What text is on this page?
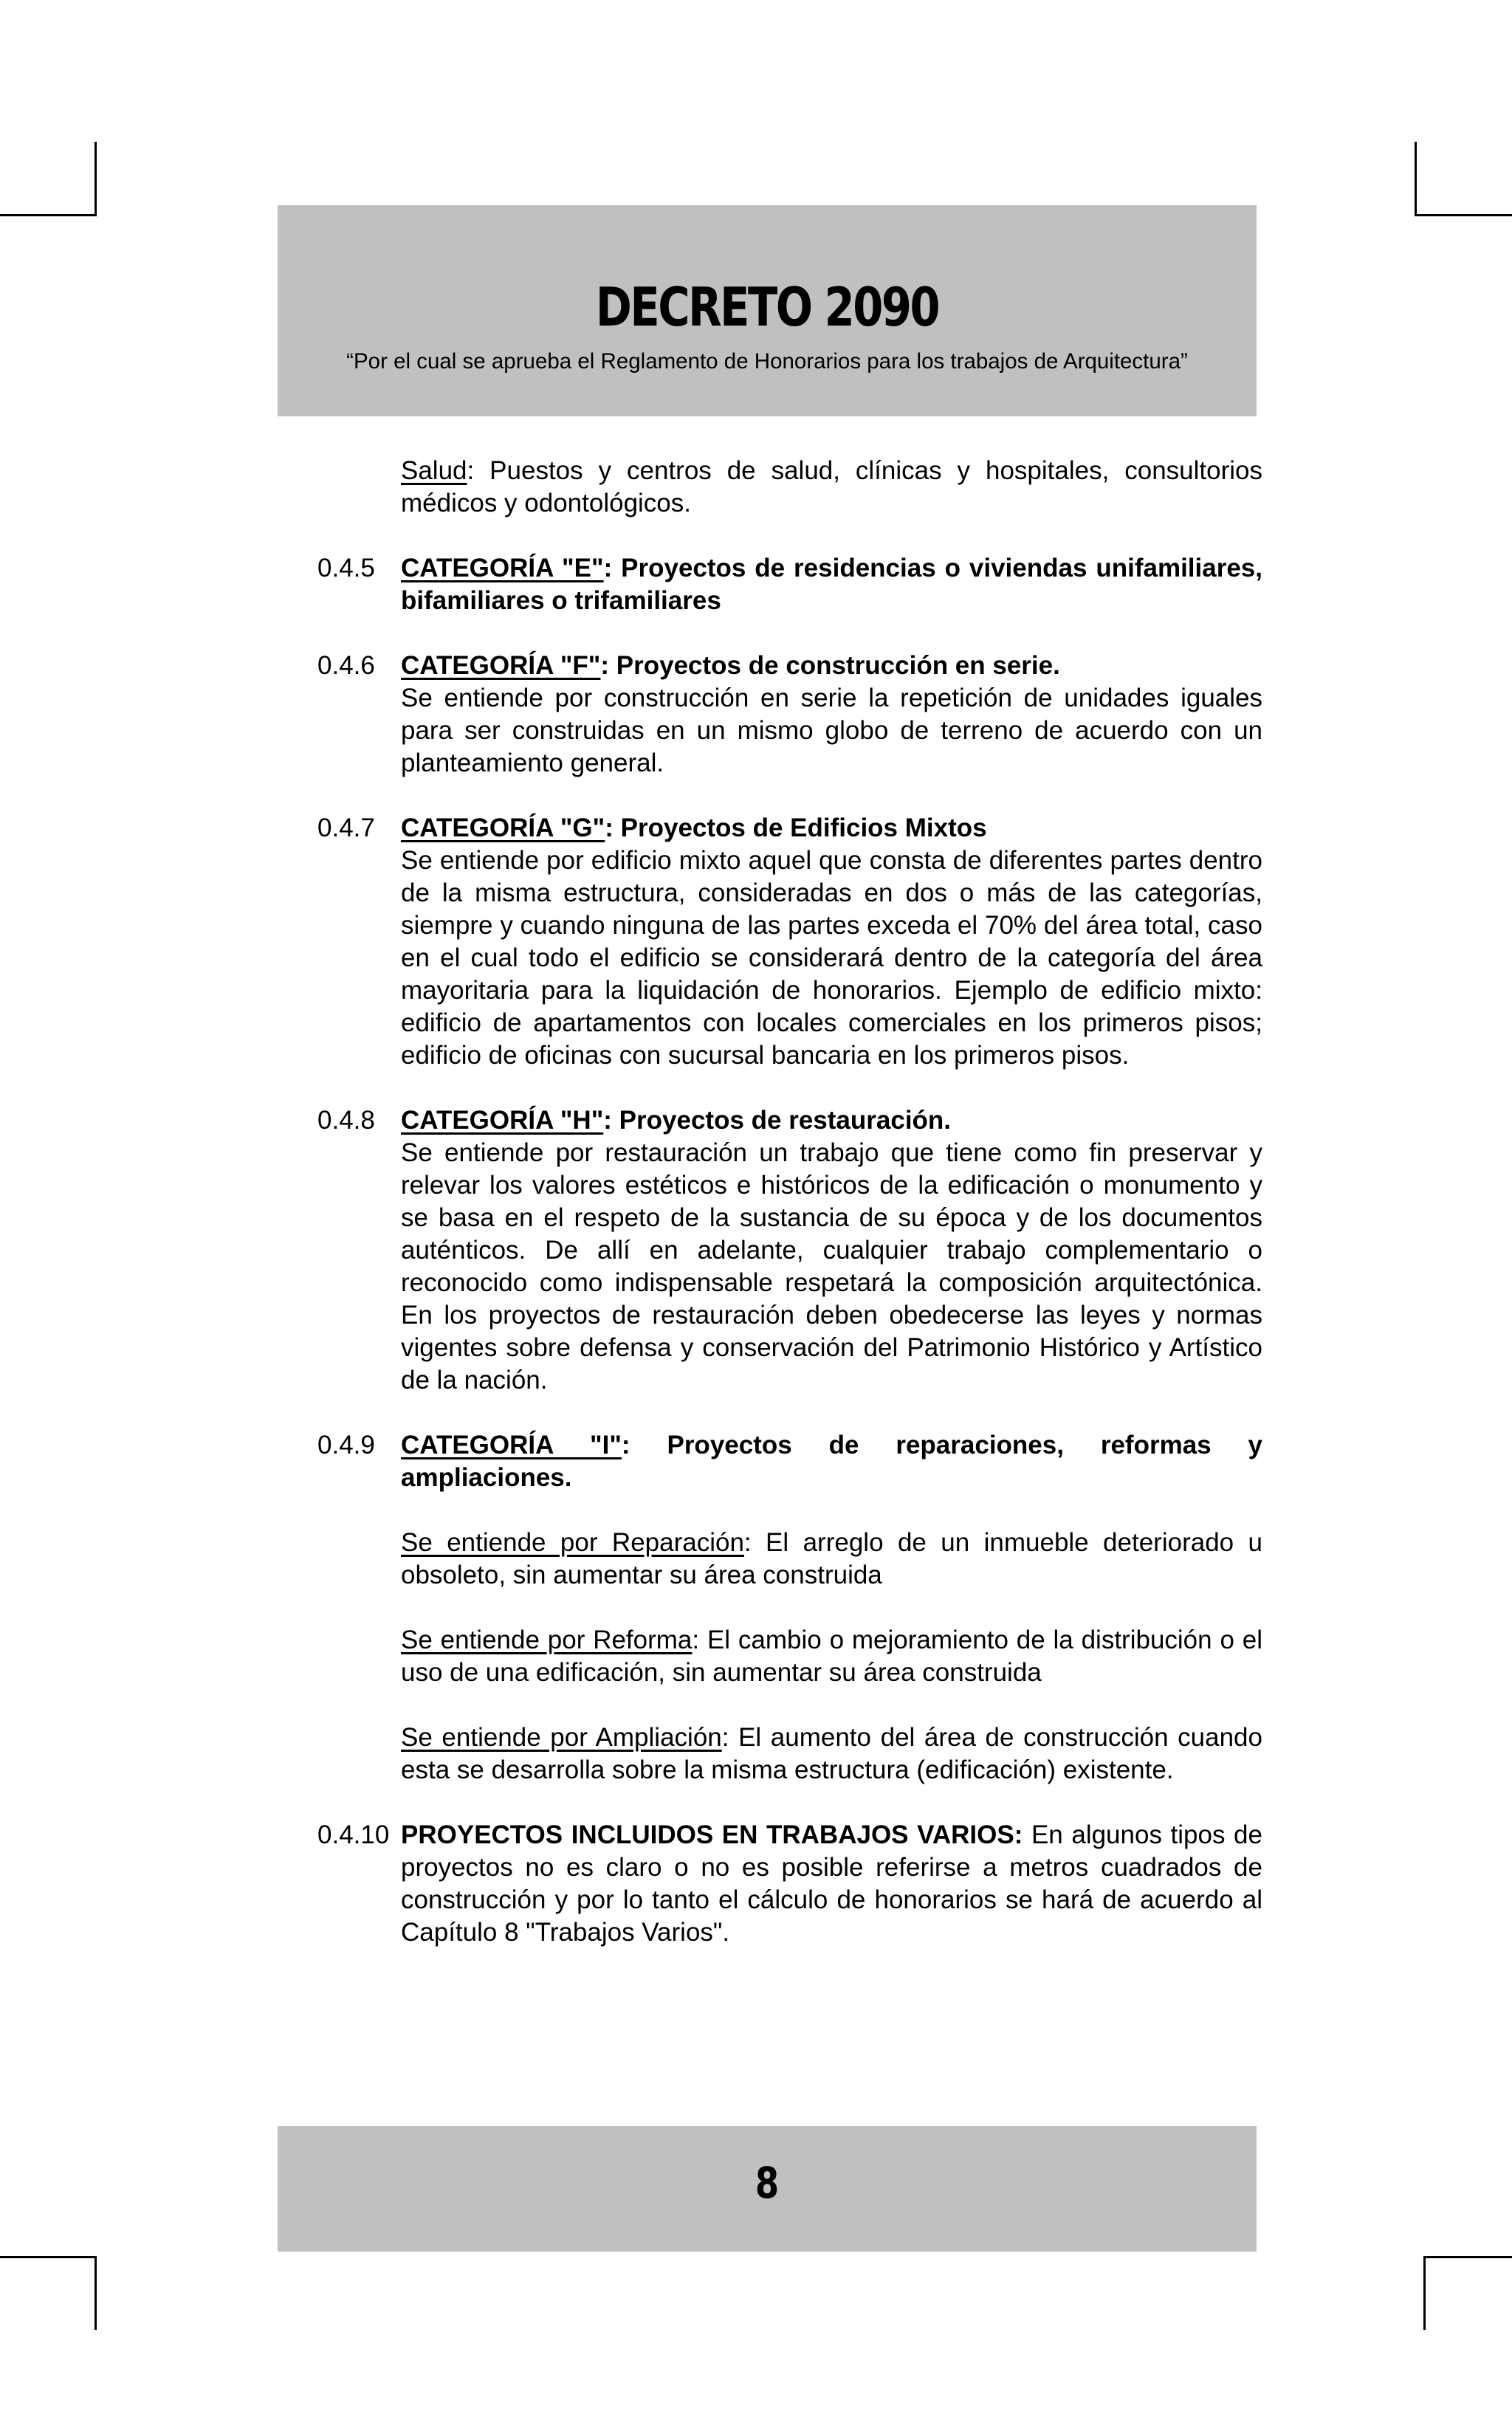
DECRETO 2090
“Por el cual se aprueba el Reglamento de Honorarios para los trabajos de Arquitectura”

Salud: Puestos y centros de salud, clínicas y hospitales, consultorios médicos y odontológicos.

0.4.5 CATEGORÍA "E": Proyectos de residencias o viviendas unifamiliares, bifamiliares o trifamiliares

0.4.6 CATEGORÍA "F": Proyectos de construcción en serie.

Se entiende por construcción en serie la repetición de unidades iguales para ser construidas en un mismo globo de terreno de acuerdo con un planteamiento general.

0.4.7 CATEGORÍA "G": Proyectos de Edificios Mixtos

Se entiende por edificio mixto aquel que consta de diferentes partes dentro de la misma estructura, consideradas en dos o más de las categorías, siempre y cuando ninguna de las partes exceda el 70% del área total, caso en el cual todo el edificio se considerará dentro de la categoría del área mayoritaria para la liquidación de honorarios. Ejemplo de edificio mixto: edificio de apartamentos con locales comerciales en los primeros pisos; edificio de oficinas con sucursal bancaria en los primeros pisos.

0.4.8 CATEGORÍA "H": Proyectos de restauración.

Se entiende por restauración un trabajo que tiene como fin preservar y relevar los valores estéticos e históricos de la edificación o monumento y se basa en el respeto de la sustancia de su época y de los documentos auténticos. De allí en adelante, cualquier trabajo complementario o reconocido como indispensable respetará la composición arquitectónica. En los proyectos de restauración deben obedecerse las leyes y normas vigentes sobre defensa y conservación del Patrimonio Histórico y Artístico de la nación.

0.4.9 CATEGORÍA "I": Proyectos de reparaciones, reformas y ampliaciones.

Se entiende por Reparación: El arreglo de un inmueble deteriorado u obsoleto, sin aumentar su área construida

Se entiende por Reforma: El cambio o mejoramiento de la distribución o el uso de una edificación, sin aumentar su área construida

Se entiende por Ampliación: El aumento del área de construcción cuando esta se desarrolla sobre la misma estructura (edificación) existente.

0.4.10 PROYECTOS INCLUIDOS EN TRABAJOS VARIOS: En algunos tipos de proyectos no es claro o no es posible referirse a metros cuadrados de construcción y por lo tanto el cálculo de honorarios se hará de acuerdo al Capítulo 8 "Trabajos Varios".

8
